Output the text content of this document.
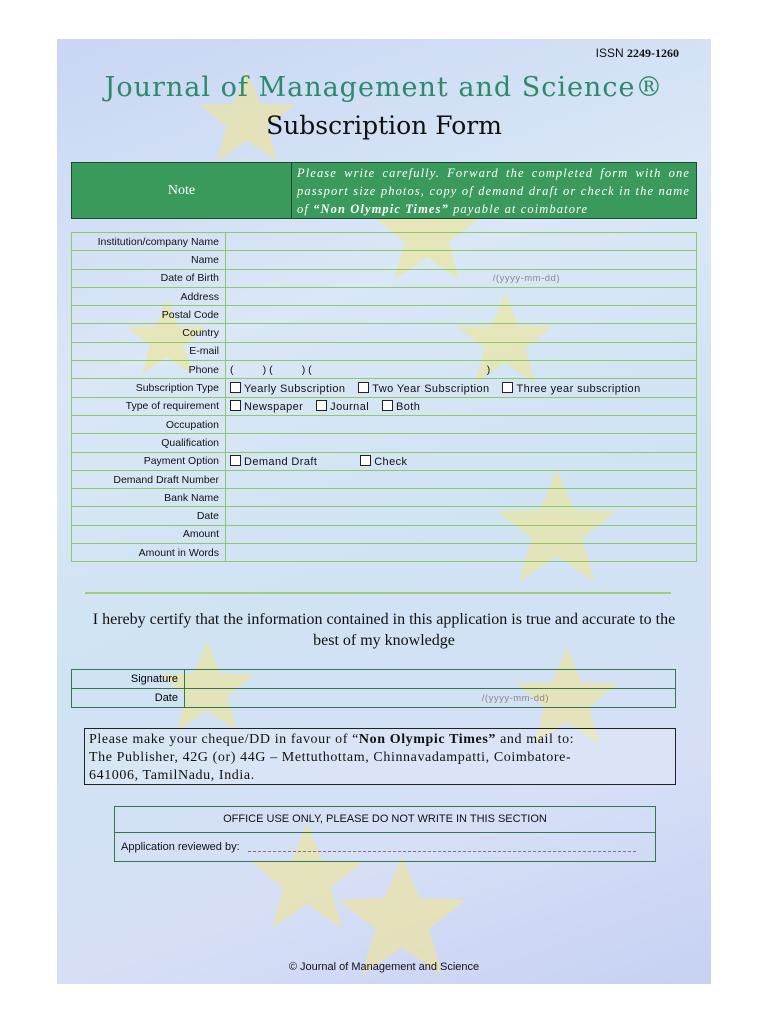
ISSN 2249-1260
Journal of Management and Science®
Subscription Form
Note
Please write carefully. Forward the completed form with one passport size photos, copy of demand draft or check in the name of “Non Olympic Times” payable at coimbatore
Institution/company Name	
Name	
Date of Birth	/(yyyy-mm-dd)

Address	
Postal Code	
Country	
E-mail	
Phone	(          ) (          ) (                                                            )
Subscription Type	Yearly Subscription Two Year Subscription Three year subscription
Type of requirement	Newspaper Journal Both
Occupation	
Qualification	
Payment Option	Demand Draft Check
Demand Draft Number	
Bank Name	
Date	
Amount	
Amount in Words	
I hereby certify that the information contained in this application is true and accurate to the best of my knowledge
Signature	
Date	/(yyyy-mm-dd)
Please make your cheque/DD in favour of “Non Olympic Times” and mail to:
The Publisher, 42G (or) 44G – Mettuthottam, Chinnavadampatti, Coimbatore-
641006, TamilNadu, India.
OFFICE USE ONLY, PLEASE DO NOT WRITE IN THIS SECTION
Application reviewed by:
© Journal of Management and Science
